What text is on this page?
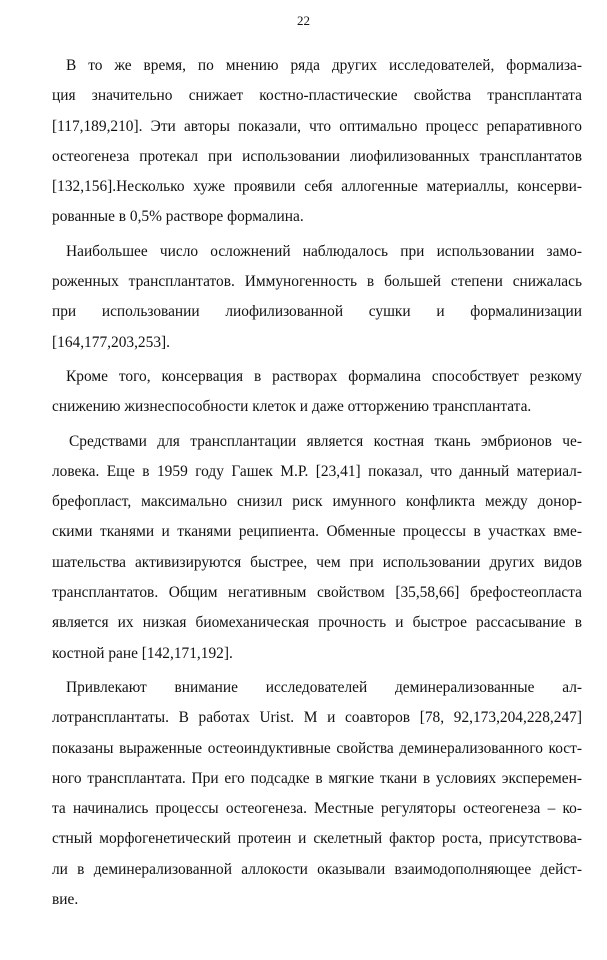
22
В то же время, по мнению ряда других исследователей, формализа-
ция значительно снижает костно-пластические свойства трансплантата
[117,189,210]. Эти авторы показали, что оптимально процесс репаративного
остеогенеза протекал при использовании лиофилизованных трансплантатов
[132,156].Несколько хуже проявили себя аллогенные материаллы, консерви-
рованные в 0,5% растворе формалина.
Наибольшее число осложнений наблюдалось при использовании замо-
роженных трансплантатов. Иммуногенность в большей степени снижалась
при использовании лиофилизованной сушки и формалинизации
[164,177,203,253].
Кроме того, консервация в растворах формалина способствует резкому
снижению жизнеспособности клеток и даже отторжению трансплантата.
Средствами для трансплантации является костная ткань эмбрионов че-
ловека. Еще в 1959 году Гашек М.Р. [23,41] показал, что данный материал-
брефопласт, максимально снизил риск имунного конфликта между донор-
скими тканями и тканями реципиента. Обменные процессы в участках вме-
шательства активизируются быстрее, чем при использовании других видов
трансплантатов. Общим негативным свойством [35,58,66] брефостеопласта
является их низкая биомеханическая прочность и быстрое рассасывание в
костной ране [142,171,192].
Привлекают внимание исследователей деминерализованные ал-
лотрансплантаты. В работах Urist. M и соавторов [78, 92,173,204,228,247]
показаны выраженные остеоиндуктивные свойства деминерализованного кост-
ного трансплантата. При его подсадке в мягкие ткани в условиях эксперемен-
та начинались процессы остеогенеза. Местные регуляторы остеогенеза – ко-
стный морфогенетический протеин и скелетный фактор роста, присутствова-
ли в деминерализованной аллокости оказывали взаимодополняющее дейст-
вие.
